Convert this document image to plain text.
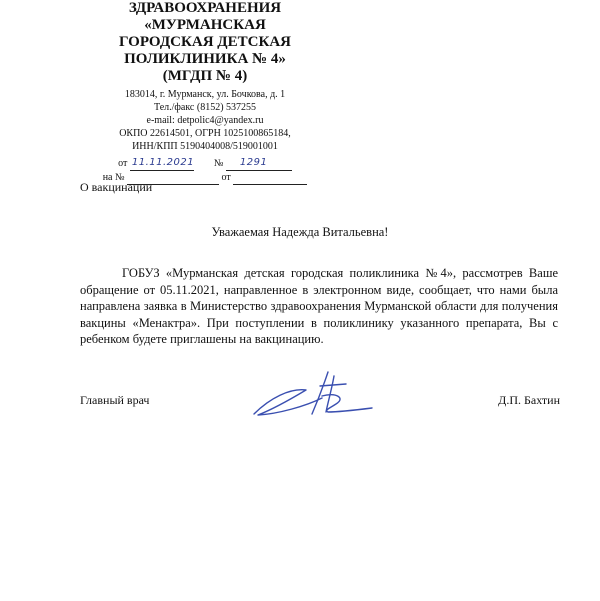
ЗДРАВООХРАНЕНИЯ
«МУРМАНСКАЯ
ГОРОДСКАЯ ДЕТСКАЯ
ПОЛИКЛИНИКА № 4»
(МГДП № 4)
183014, г. Мурманск, ул. Бочкова, д. 1
Тел./факс (8152) 537255
e-mail: detpolic4@yandex.ru
ОКПО 22614501, ОГРН 1025100865184,
ИНН/КПП 5190404008/519001001
от 11.11.2021 № 1291
на №	от
О вакцинации
Уважаемая Надежда Витальевна!
ГОБУЗ «Мурманская детская городская поликлиника №4», рассмотрев Ваше обращение от 05.11.2021, направленное в электронном виде, сообщает, что нами была направлена заявка в Министерство здравоохранения Мурманской области для получения вакцины «Менактра». При поступлении в поликлинику указанного препарата, Вы с ребенком будете приглашены на вакцинацию.
Главный врач	Д.П. Бахтин
